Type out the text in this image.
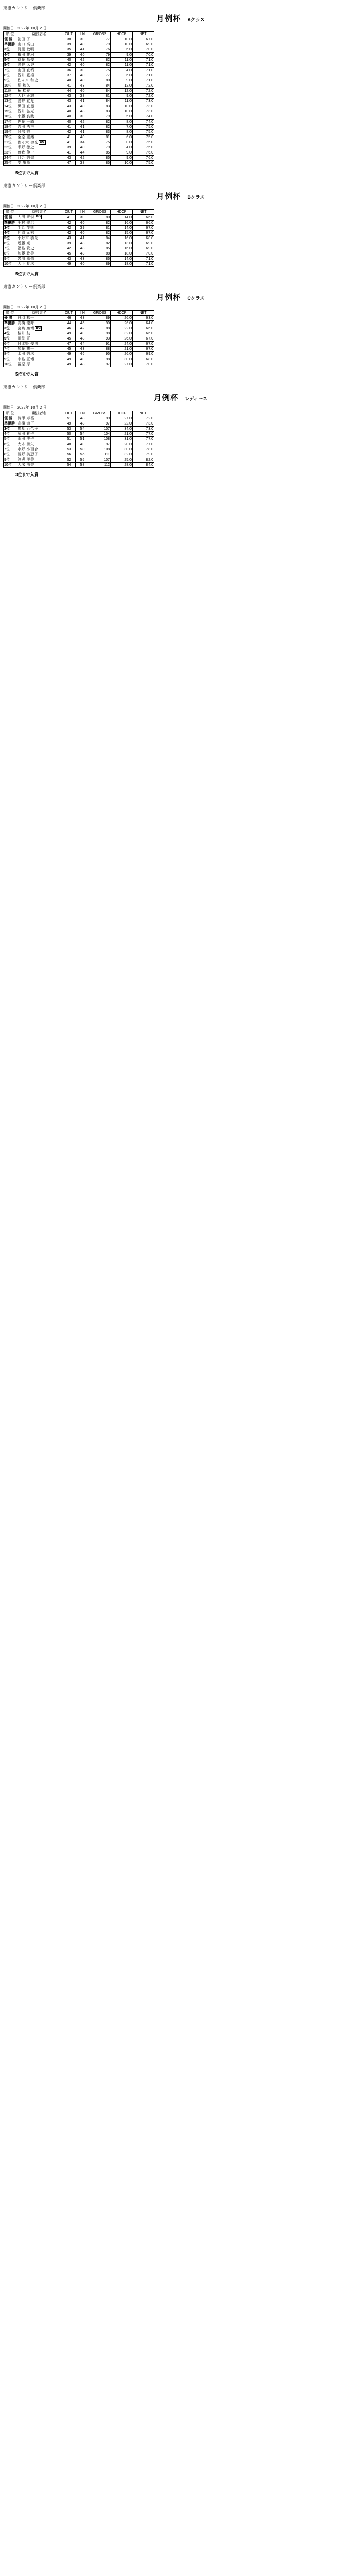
東濃カントリー倶楽部
月例杯 Aクラス
開催日 2022年 10月 2 日
順 位	競技者名	OUT	I N	GROSS	HDCP	NET
優 勝	笹田 了	38	39	77	10.0	67.0
準優勝	山口 高由	39	40	79	10.0	69.0
3位	河里 敏明	35	41	76	6.0	70.0
4位	梅田 雄河	39	40	79	9.0	70.0
5位	篠藤 昌俊	40	42	82	11.0	71.0
5位	浅井 弘史	42	40	82	11.0	71.0
7位	山田 直希	36	39	75	4.0	71.0
8位	浅井 寛雄	37	40	77	6.0	71.0
9位	佐々木 和史	40	40	80	9.0	71.0
10位	堀 和弘	41	43	84	12.0	72.0
11位	柘 松泰	44	40	84	12.0	72.0
12位	大野 正雄	43	38	81	9.0	72.0
13位	浅井 宣允	43	41	84	11.0	73.0
14位	黒田 直寛	43	40	83	10.0	73.0
15位	浅井 弘光	40	43	83	10.0	73.0
16位	小藤 良助	40	39	79	5.0	74.0
17位	佐藤 一敏	40	42	82	8.0	74.0
18位	吉田 勇三	41	41	82	7.0	75.0
19位	阿部 敬	42	41	83	8.0	75.0
20位	桑原 重蔵	41	40	81	6.0	75.0
21位	佐々木 金光 BG	41	34	75	0.0	75.0
22位	米野 徳之	39	40	79	4.0	75.0
23位	曽我 伸一	41	44	85	9.0	76.0
24位	河合 秀夫	43	42	85	9.0	76.0
25位	安 康隆	47	38	85	10.0	75.0
5位まで入賞
東濃カントリー倶楽部
月例杯 Bクラス
開催日 2022年 10月 2 日
順 位	競技者名	OUT	I N	GROSS	HDCP	NET
優 勝	大田 正俊 BG	41	39	80	14.0	66.0
準優勝	千村 聖治	42	40	82	16.0	66.0
3位	手丸 茂則	42	39	81	14.0	67.0
4位	片岡 元宏	42	40	82	15.0	67.0
5位	小野木 敏光	43	41	84	16.0	68.0
6位	近藤 東	39	43	82	13.0	69.0
7位	福島 貴史	42	43	85	16.0	69.0
8位	加藤 政美	45	43	88	18.0	70.0
9位	宮川 幸栄	43	43	86	14.0	71.0
10位	大下 良次	49	40	89	18.0	71.0
5位まで入賞
東濃カントリー倶楽部
月例杯 Cクラス
開催日 2022年 10月 2 日
順 位	競技者名	OUT	I N	GROSS	HDCP	NET
優 勝	丹羽 松一	46	43	89	26.0	63.0
準優勝	高橋 龍邦	44	46	90	26.0	64.0
3位	宮崎 駿博 BG	46	42	88	22.0	66.0
4位	桜井 鼓	49	49	98	32.0	66.0
5位	田堂 正	45	48	93	26.0	67.0
6位	日比野 俊明	47	44	91	24.0	67.0
7位	加藤 憲一	45	43	88	21.0	67.0
8位	太田 秀次	49	46	95	26.0	69.0
9位	中島 正博	49	49	98	30.0	68.0
10位	冨原 厚	49	48	97	27.0	70.0
5位まで入賞
東濃カントリー倶楽部
月例杯 レディース
開催日 2022年 10月 2 日
順 位	競技者名	OUT	I N	GROSS	HDCP	NET
優 勝	滝澤 寿香	51	48	99	27.0	72.0
準優勝	高橋 道子	49	48	97	22.0	73.0
3位	鶴見 百合子	53	54	107	34.0	73.0
4位	藤田 貴子	50	54	104	21.0	77.0
5位	山田 洋子	51	51	108	31.0	77.0
6位	大木 勇矢	48	49	97	20.0	77.0
7位	水野 小百合	53	50	108	30.0	78.0
8位	勝野 美恵子	56	55	111	32.0	79.0
9位	渡邊 洋美	52	55	107	25.0	82.0
10位	大塚 由美	54	58	112	28.0	84.0
3位まで入賞
